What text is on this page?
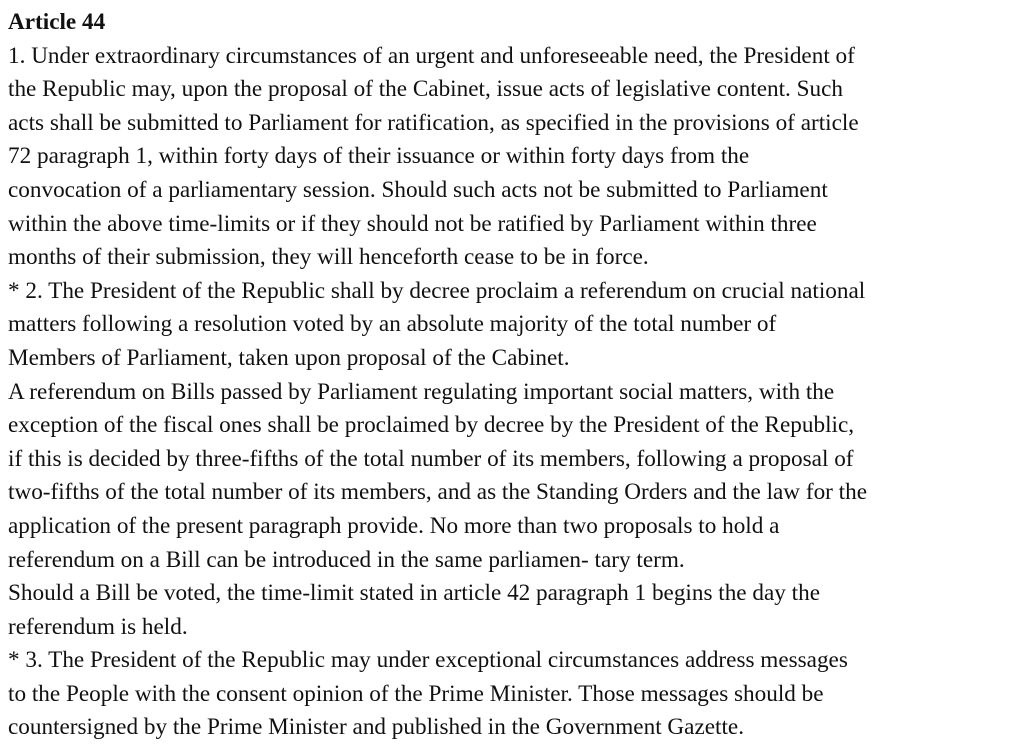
Article 44

1. Under extraordinary circumstances of an urgent and unforeseeable need, the President of
the Republic may, upon the proposal of the Cabinet, issue acts of legislative content. Such
acts shall be submitted to Parliament for ratification, as specified in the provisions of article
72 paragraph 1, within forty days of their issuance or within forty days from the
convocation of a parliamentary session. Should such acts not be submitted to Parliament
within the above time-limits or if they should not be ratified by Parliament within three
months of their submission, they will henceforth cease to be in force.

* 2. The President of the Republic shall by decree proclaim a referendum on crucial national
matters following a resolution voted by an absolute majority of the total number of
Members of Parliament, taken upon proposal of the Cabinet.

A referendum on Bills passed by Parliament regulating important social matters, with the
exception of the fiscal ones shall be proclaimed by decree by the President of the Republic,
if this is decided by three-fifths of the total number of its members, following a proposal of
two-fifths of the total number of its members, and as the Standing Orders and the law for the
application of the present paragraph provide. No more than two proposals to hold a
referendum on a Bill can be introduced in the same parliamen- tary term.

Should a Bill be voted, the time-limit stated in article 42 paragraph 1 begins the day the
referendum is held.

* 3. The President of the Republic may under exceptional circumstances address messages
to the People with the consent opinion of the Prime Minister. Those messages should be
countersigned by the Prime Minister and published in the Government Gazette.
